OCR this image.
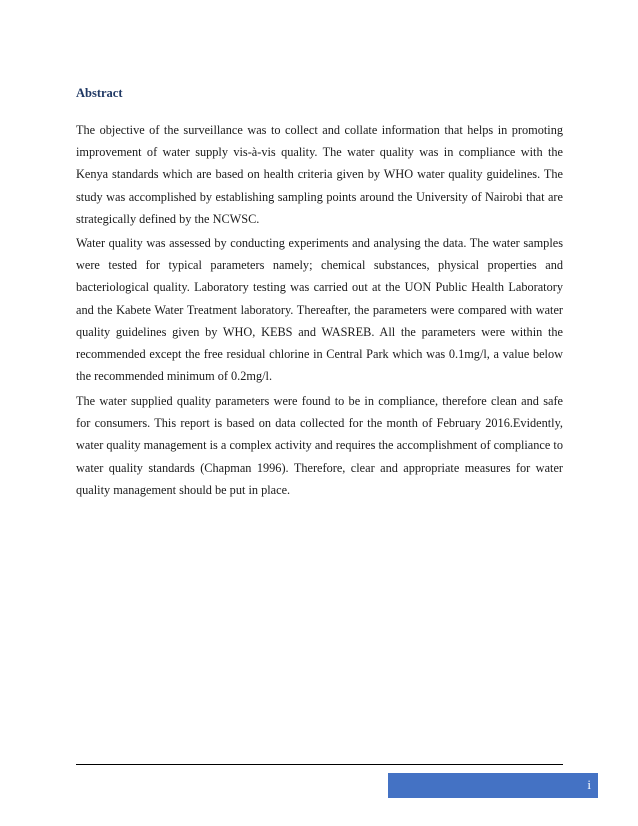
Abstract

The objective of the surveillance was to collect and collate information that helps in promoting improvement of water supply vis-à-vis quality. The water quality was in compliance with the Kenya standards which are based on health criteria given by WHO water quality guidelines. The study was accomplished by establishing sampling points around the University of Nairobi that are strategically defined by the NCWSC.

Water quality was assessed by conducting experiments and analysing the data. The water samples were tested for typical parameters namely; chemical substances, physical properties and bacteriological quality. Laboratory testing was carried out at the UON Public Health Laboratory and the Kabete Water Treatment laboratory. Thereafter, the parameters were compared with water quality guidelines given by WHO, KEBS and WASREB. All the parameters were within the recommended except the free residual chlorine in Central Park which was 0.1mg/l, a value below the recommended minimum of 0.2mg/l.

The water supplied quality parameters were found to be in compliance, therefore clean and safe for consumers. This report is based on data collected for the month of February 2016.Evidently, water quality management is a complex activity and requires the accomplishment of compliance to water quality standards (Chapman 1996). Therefore, clear and appropriate measures for water quality management should be put in place.

i
